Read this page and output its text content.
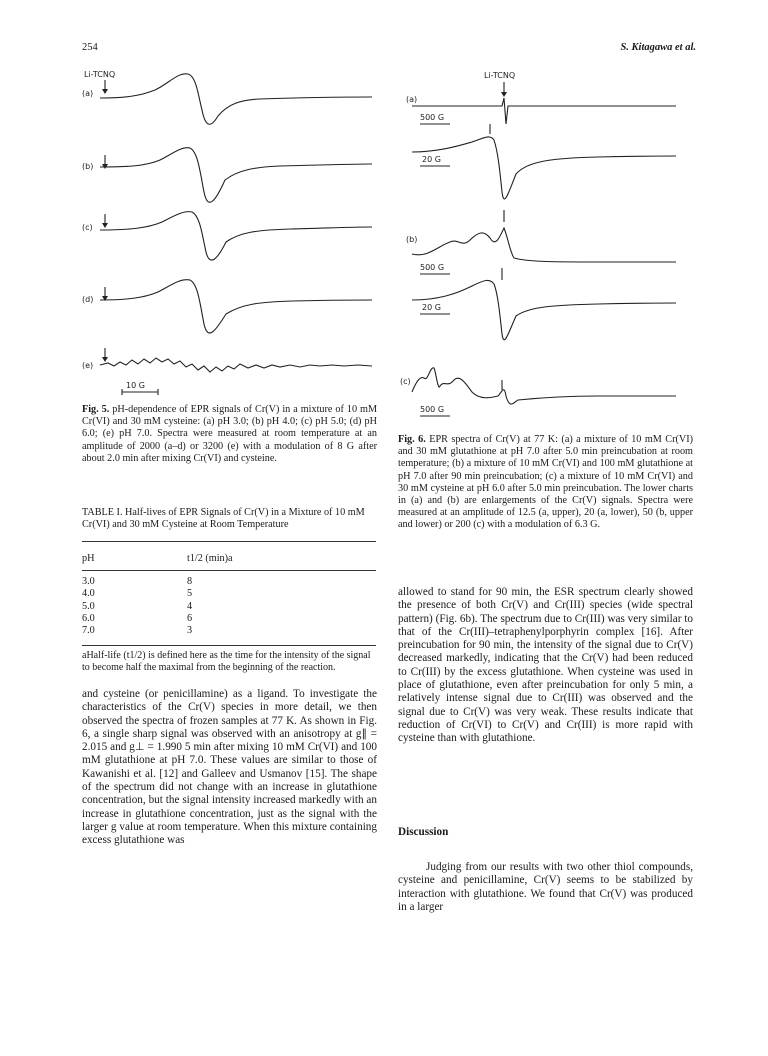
254	S. Kitagawa et al.
Li-TCNQ
(a)
(b)
(c)
(d)
(e)
10 G
Fig. 5. pH-dependence of EPR signals of Cr(V) in a mixture of 10 mM Cr(VI) and 30 mM cysteine: (a) pH 3.0; (b) pH 4.0; (c) pH 5.0; (d) pH 6.0; (e) pH 7.0. Spectra were measured at room temperature at an amplitude of 2000 (a–d) or 3200 (e) with a modulation of 8 G after about 2.0 min after mixing Cr(VI) and cysteine.
TABLE I. Half-lives of EPR Signals of Cr(V) in a Mixture of 10 mM Cr(VI) and 30 mM Cysteine at Room Temperature
pH	t1/2 (min)a
3.0	8
4.0	5
5.0	4
6.0	6
7.0	3
aHalf-life (t1/2) is defined here as the time for the intensity of the signal to become half the maximal from the beginning of the reaction.
and cysteine (or penicillamine) as a ligand. To investigate the characteristics of the Cr(V) species in more detail, we then observed the spectra of frozen samples at 77 K. As shown in Fig. 6, a single sharp signal was observed with an anisotropy at g∥ = 2.015 and g⊥ = 1.990 5 min after mixing 10 mM Cr(VI) and 100 mM glutathione at pH 7.0. These values are similar to those of Kawanishi et al. [12] and Galleev and Usmanov [15]. The shape of the spectrum did not change with an increase in glutathione concentration, but the signal intensity increased markedly with an increase in glutathione concentration, just as the signal with the larger g value at room temperature. When this mixture containing excess glutathione was
Li-TCNQ
(a)
(b)
(c)
500 G
20 G
500 G
20 G
500 G
Fig. 6. EPR spectra of Cr(V) at 77 K: (a) a mixture of 10 mM Cr(VI) and 30 mM glutathione at pH 7.0 after 5.0 min preincubation at room temperature; (b) a mixture of 10 mM Cr(VI) and 100 mM glutathione at pH 7.0 after 90 min preincubation; (c) a mixture of 10 mM Cr(VI) and 30 mM cysteine at pH 6.0 after 5.0 min preincubation. The lower charts in (a) and (b) are enlargements of the Cr(V) signals. Spectra were measured at an amplitude of 12.5 (a, upper), 20 (a, lower), 50 (b, upper and lower) or 200 (c) with a modulation of 6.3 G.
allowed to stand for 90 min, the ESR spectrum clearly showed the presence of both Cr(V) and Cr(III) species (wide spectral pattern) (Fig. 6b). The spectrum due to Cr(III) was very similar to that of the Cr(III)–tetraphenylporphyrin complex [16]. After preincubation for 90 min, the intensity of the signal due to Cr(V) decreased markedly, indicating that the Cr(V) had been reduced to Cr(III) by the excess glutathione. When cysteine was used in place of glutathione, even after preincubation for only 5 min, a relatively intense signal due to Cr(III) was observed and the signal due to Cr(V) was very weak. These results indicate that reduction of Cr(VI) to Cr(V) and Cr(III) is more rapid with cysteine than with glutathione.
Discussion
Judging from our results with two other thiol compounds, cysteine and penicillamine, Cr(V) seems to be stabilized by interaction with glutathione. We found that Cr(V) was produced in a larger
